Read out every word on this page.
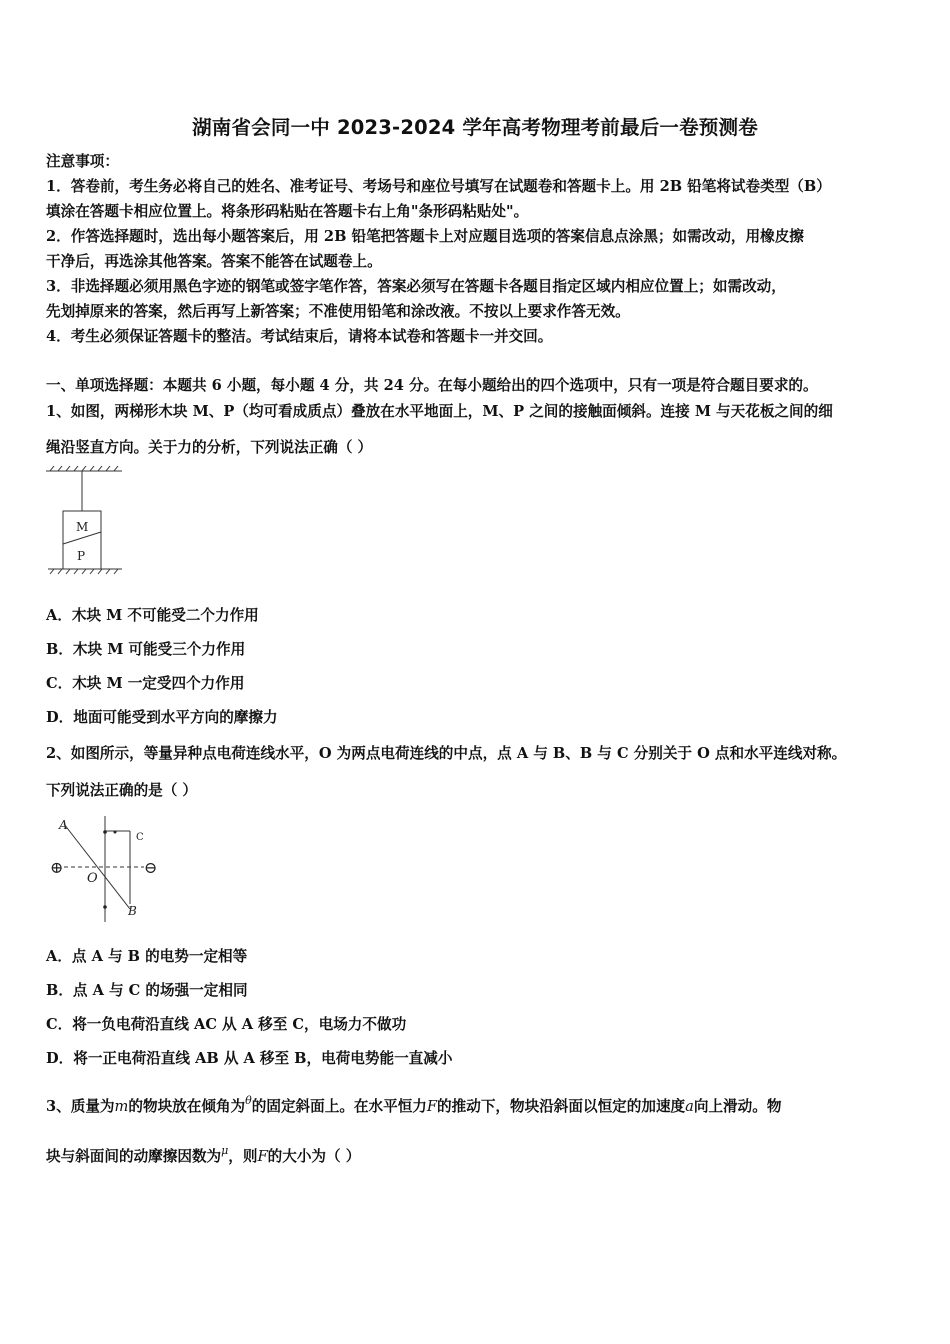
湖南省会同一中 2023-2024 学年高考物理考前最后一卷预测卷
注意事项：
1．答卷前，考生务必将自己的姓名、准考证号、考场号和座位号填写在试题卷和答题卡上。用 2B 铅笔将试卷类型（B）
填涂在答题卡相应位置上。将条形码粘贴在答题卡右上角"条形码粘贴处"。
2．作答选择题时，选出每小题答案后，用 2B 铅笔把答题卡上对应题目选项的答案信息点涂黑；如需改动，用橡皮擦
干净后，再选涂其他答案。答案不能答在试题卷上。
3．非选择题必须用黑色字迹的钢笔或签字笔作答，答案必须写在答题卡各题目指定区域内相应位置上；如需改动，
先划掉原来的答案，然后再写上新答案；不准使用铅笔和涂改液。不按以上要求作答无效。
4．考生必须保证答题卡的整洁。考试结束后，请将本试卷和答题卡一并交回。
一、单项选择题：本题共 6 小题，每小题 4 分，共 24 分。在每小题给出的四个选项中，只有一项是符合题目要求的。
1、如图，两梯形木块 M、P（均可看成质点）叠放在水平地面上，M、P 之间的接触面倾斜。连接 M 与天花板之间的细
绳沿竖直方向。关于力的分析，下列说法正确（ ）
M
P
A．木块 M 不可能受二个力作用
B．木块 M 可能受三个力作用
C．木块 M 一定受四个力作用
D．地面可能受到水平方向的摩擦力
2、如图所示，等量异种点电荷连线水平，O 为两点电荷连线的中点，点 A 与 B、B 与 C 分别关于 O 点和水平连线对称。
下列说法正确的是（ ）
⊕	⊖
A
C
O
B
A．点 A 与 B 的电势一定相等
B．点 A 与 C 的场强一定相同
C．将一负电荷沿直线 AC 从 A 移至 C，电场力不做功
D．将一正电荷沿直线 AB 从 A 移至 B，电荷电势能一直减小
3、质量为m的物块放在倾角为$^\theta$的固定斜面上。在水平恒力F的推动下，物块沿斜面以恒定的加速度a向上滑动。物
块与斜面间的动摩擦因数为$^\mu$，则F的大小为（ ）
